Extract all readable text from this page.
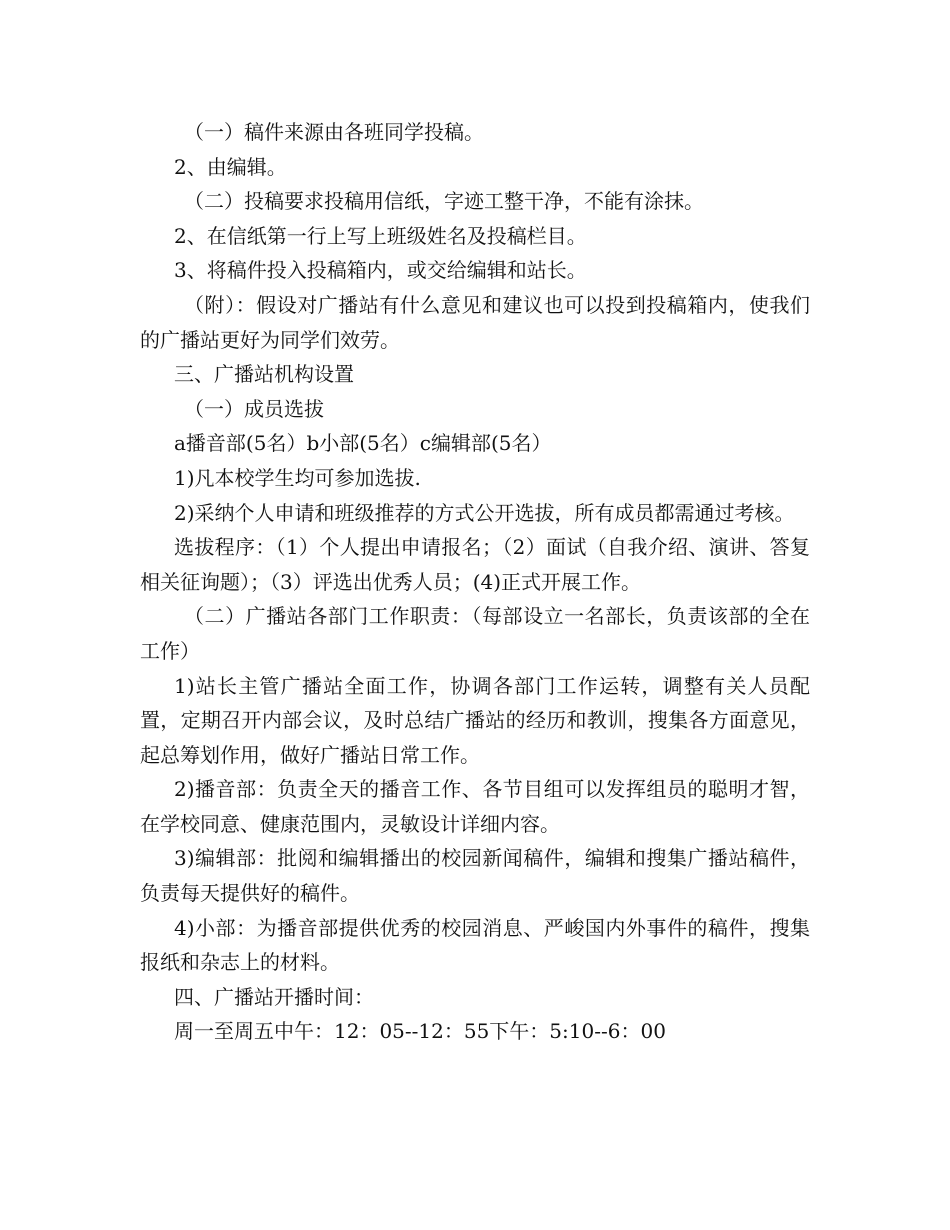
（一）稿件来源由各班同学投稿。

2、由编辑。

（二）投稿要求投稿用信纸，字迹工整干净，不能有涂抹。

2、在信纸第一行上写上班级姓名及投稿栏目。

3、将稿件投入投稿箱内，或交给编辑和站长。

（附）：假设对广播站有什么意见和建议也可以投到投稿箱内，使我们的广播站更好为同学们效劳。

三、广播站机构设置

（一）成员选拔

a播音部(5名）b小部(5名）c编辑部(5名）

1)凡本校学生均可参加选拔.

2)采纳个人申请和班级推荐的方式公开选拔，所有成员都需通过考核。

选拔程序：（1）个人提出申请报名；（2）面试（自我介绍、演讲、答复相关征询题）；（3）评选出优秀人员；(4)正式开展工作。

（二）广播站各部门工作职责：（每部设立一名部长，负责该部的全在工作）

1)站长主管广播站全面工作，协调各部门工作运转，调整有关人员配置，定期召开内部会议，及时总结广播站的经历和教训，搜集各方面意见，起总筹划作用，做好广播站日常工作。

2)播音部：负责全天的播音工作、各节目组可以发挥组员的聪明才智，在学校同意、健康范围内，灵敏设计详细内容。

3)编辑部：批阅和编辑播出的校园新闻稿件，编辑和搜集广播站稿件，负责每天提供好的稿件。

4)小部：为播音部提供优秀的校园消息、严峻国内外事件的稿件，搜集报纸和杂志上的材料。

四、广播站开播时间：

周一至周五中午：12：05--12：55下午：5:10--6：00
